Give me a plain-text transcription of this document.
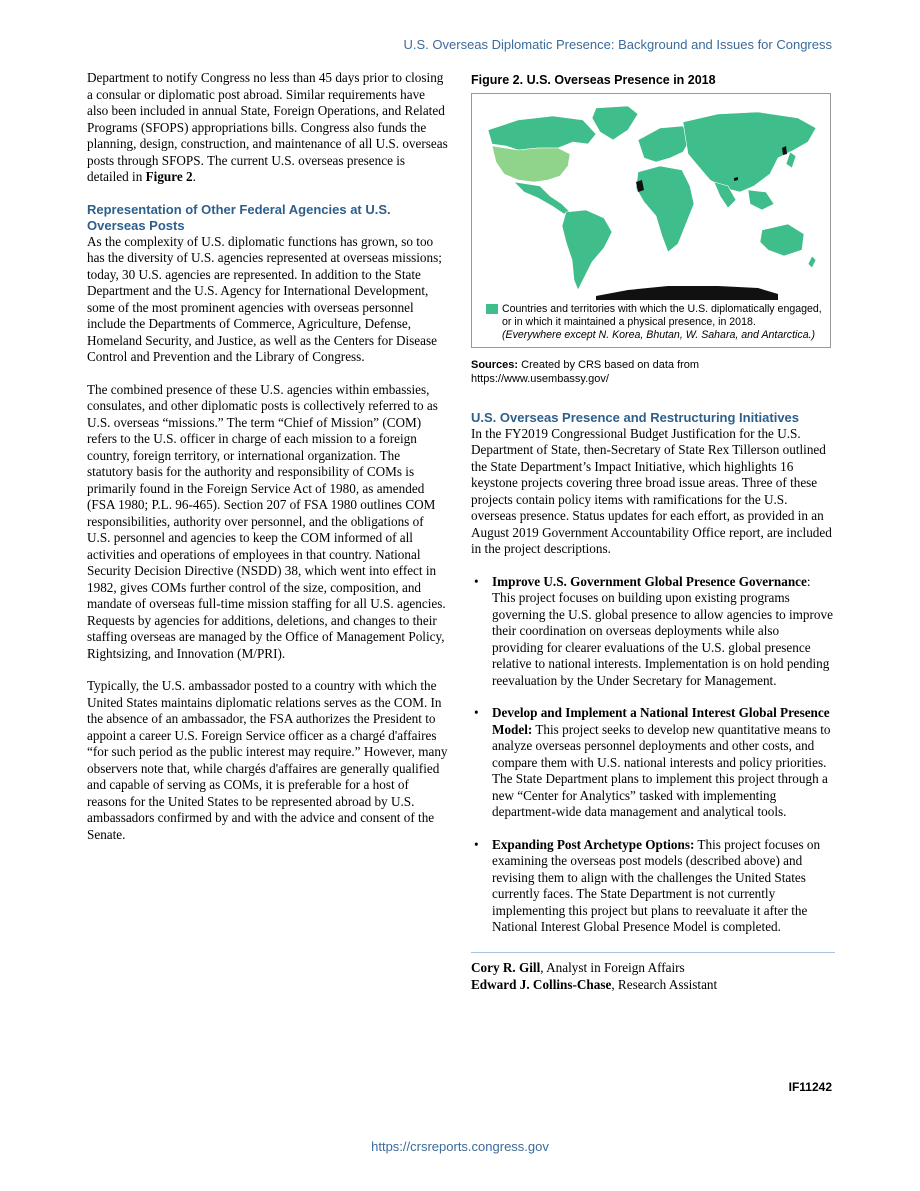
U.S. Overseas Diplomatic Presence: Background and Issues for Congress

Department to notify Congress no less than 45 days prior to closing a consular or diplomatic post abroad. Similar requirements have also been included in annual State, Foreign Operations, and Related Programs (SFOPS) appropriations bills. Congress also funds the planning, design, construction, and maintenance of all U.S. overseas posts through SFOPS. The current U.S. overseas presence is detailed in Figure 2.

Representation of Other Federal Agencies at U.S. Overseas Posts

As the complexity of U.S. diplomatic functions has grown, so too has the diversity of U.S. agencies represented at overseas missions; today, 30 U.S. agencies are represented. In addition to the State Department and the U.S. Agency for International Development, some of the most prominent agencies with overseas personnel include the Departments of Commerce, Agriculture, Defense, Homeland Security, and Justice, as well as the Centers for Disease Control and Prevention and the Library of Congress.

The combined presence of these U.S. agencies within embassies, consulates, and other diplomatic posts is collectively referred to as U.S. overseas “missions.” The term “Chief of Mission” (COM) refers to the U.S. officer in charge of each mission to a foreign country, foreign territory, or international organization. The statutory basis for the authority and responsibility of COMs is primarily found in the Foreign Service Act of 1980, as amended (FSA 1980; P.L. 96-465). Section 207 of FSA 1980 outlines COM responsibilities, authority over personnel, and the obligations of U.S. personnel and agencies to keep the COM informed of all activities and operations of employees in that country. National Security Decision Directive (NSDD) 38, which went into effect in 1982, gives COMs further control of the size, composition, and mandate of overseas full-time mission staffing for all U.S. agencies. Requests by agencies for additions, deletions, and changes to their staffing overseas are managed by the Office of Management Policy, Rightsizing, and Innovation (M/PRI).

Typically, the U.S. ambassador posted to a country with which the United States maintains diplomatic relations serves as the COM. In the absence of an ambassador, the FSA authorizes the President to appoint a career U.S. Foreign Service officer as a chargé d'affaires “for such period as the public interest may require.” However, many observers note that, while chargés d'affaires are generally qualified and capable of serving as COMs, it is preferable for a host of reasons for the United States to be represented abroad by U.S. ambassadors confirmed by and with the advice and consent of the Senate.

Figure 2. U.S. Overseas Presence in 2018
Countries and territories with which the U.S. diplomatically engaged, or in which it maintained a physical presence, in 2018.
(Everywhere except N. Korea, Bhutan, W. Sahara, and Antarctica.)
Sources: Created by CRS based on data from https://www.usembassy.gov/
U.S. Overseas Presence and Restructuring Initiatives

In the FY2019 Congressional Budget Justification for the U.S. Department of State, then-Secretary of State Rex Tillerson outlined the State Department’s Impact Initiative, which highlights 16 keystone projects covering three broad issue areas. Three of these projects contain policy items with ramifications for the U.S. overseas presence. Status updates for each effort, as provided in an August 2019 Government Accountability Office report, are included in the project descriptions.

• Improve U.S. Government Global Presence Governance: This project focuses on building upon existing programs governing the U.S. global presence to allow agencies to improve their coordination on overseas deployments while also providing for clearer evaluations of the U.S. global presence relative to national interests. Implementation is on hold pending reevaluation by the Under Secretary for Management.
• Develop and Implement a National Interest Global Presence Model: This project seeks to develop new quantitative means to analyze overseas personnel deployments and other costs, and compare them with U.S. national interests and policy priorities. The State Department plans to implement this project through a new “Center for Analytics” tasked with implementing department-wide data management and analytical tools.
• Expanding Post Archetype Options: This project focuses on examining the overseas post models (described above) and revising them to align with the challenges the United States currently faces. The State Department is not currently implementing this project but plans to reevaluate it after the National Interest Global Presence Model is completed.
Cory R. Gill, Analyst in Foreign Affairs
Edward J. Collins-Chase, Research Assistant
IF11242
https://crsreports.congress.gov
